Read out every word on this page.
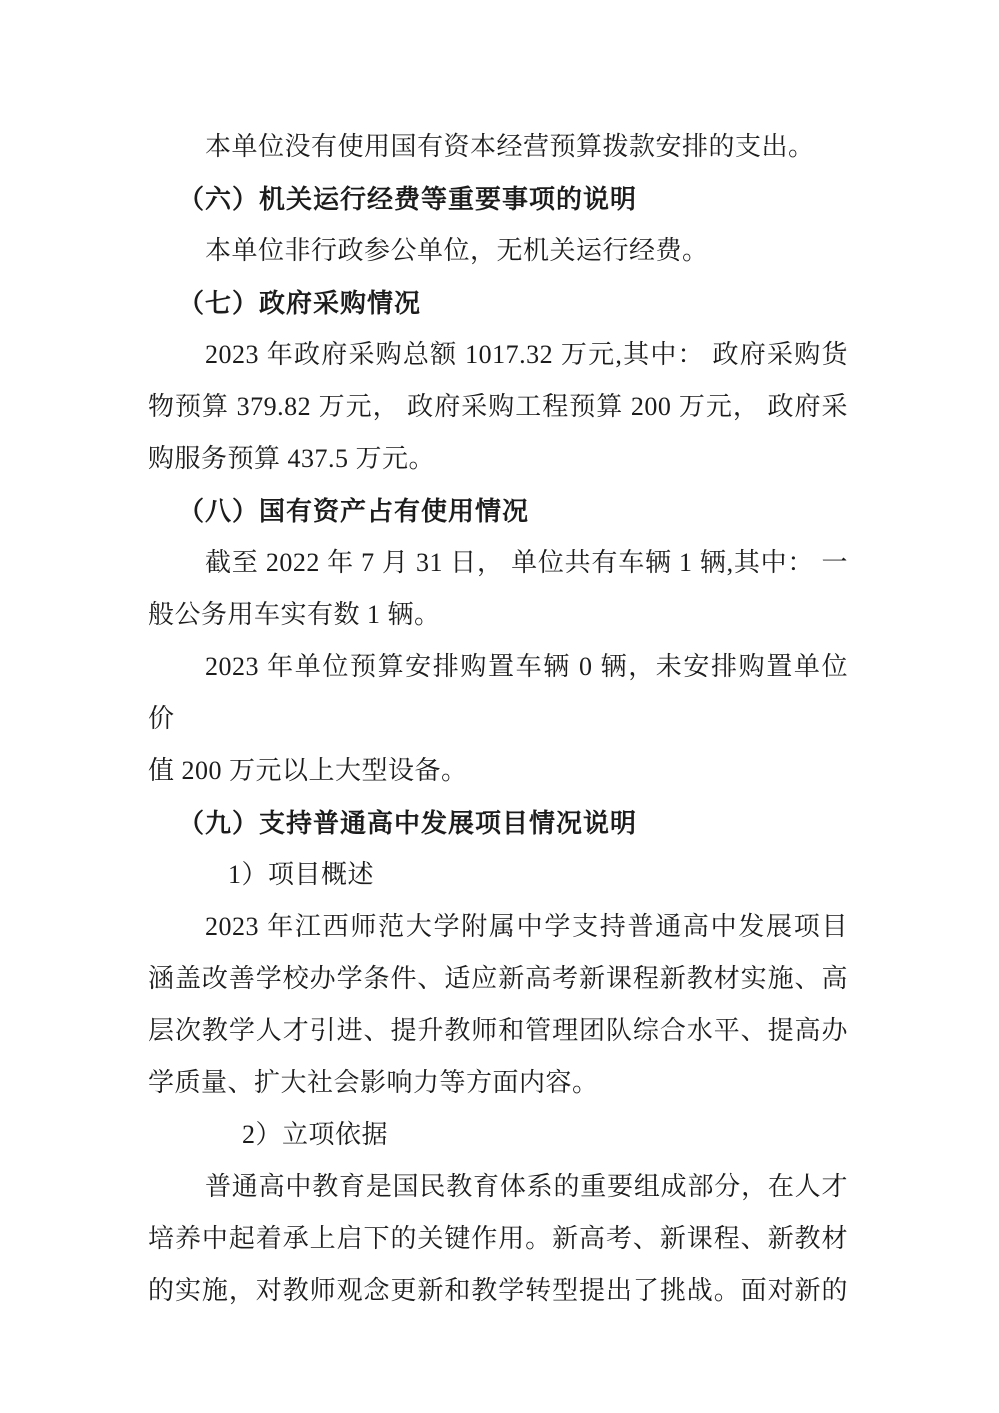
本单位没有使用国有资本经营预算拨款安排的支出。
（六）机关运行经费等重要事项的说明
本单位非行政参公单位，无机关运行经费。
（七）政府采购情况
2023 年政府采购总额 1017.32 万元,其中： 政府采购货
物预算 379.82 万元， 政府采购工程预算 200 万元， 政府采
购服务预算 437.5 万元。
（八）国有资产占有使用情况
截至 2022 年 7 月 31 日， 单位共有车辆 1 辆,其中： 一
般公务用车实有数 1 辆。
2023 年单位预算安排购置车辆 0 辆，未安排购置单位价
值 200 万元以上大型设备。
（九）支持普通高中发展项目情况说明
1）项目概述
2023 年江西师范大学附属中学支持普通高中发展项目
涵盖改善学校办学条件、适应新高考新课程新教材实施、高
层次教学人才引进、提升教师和管理团队综合水平、提高办
学质量、扩大社会影响力等方面内容。
2）立项依据
普通高中教育是国民教育体系的重要组成部分，在人才
培养中起着承上启下的关键作用。新高考、新课程、新教材
的实施，对教师观念更新和教学转型提出了挑战。面对新的
